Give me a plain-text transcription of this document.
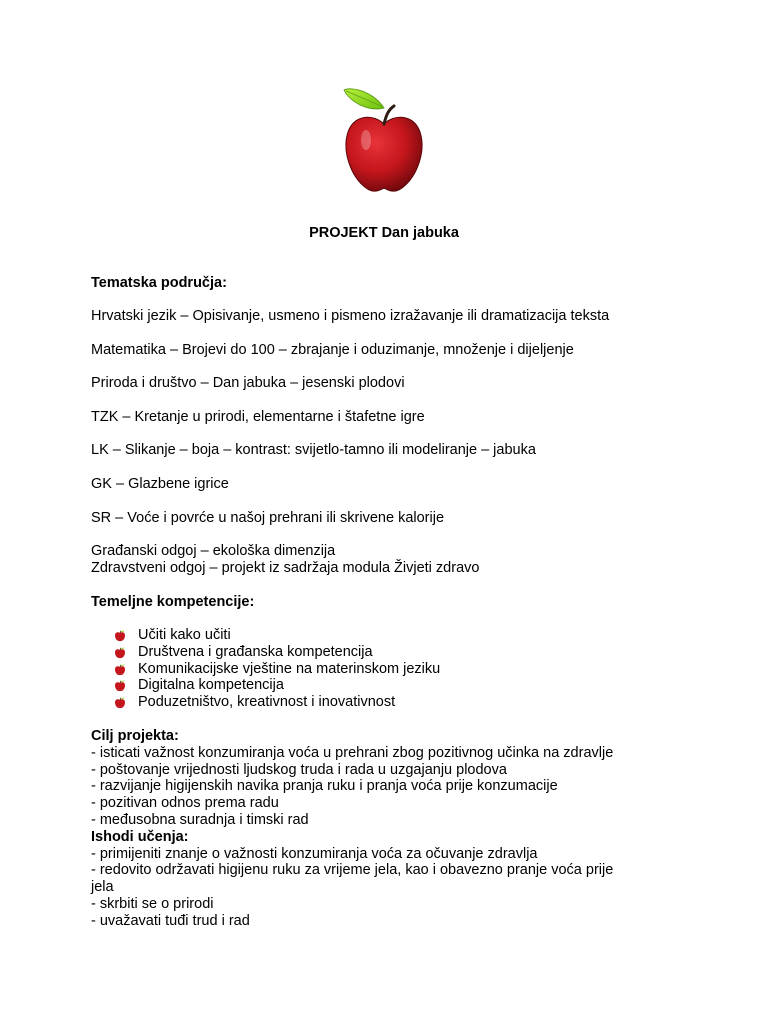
PROJEKT Dan jabuka
Tematska područja:
Hrvatski jezik – Opisivanje, usmeno i pismeno izražavanje ili dramatizacija teksta
Matematika – Brojevi do 100 – zbrajanje i oduzimanje, množenje i dijeljenje
Priroda i društvo – Dan jabuka – jesenski plodovi
TZK – Kretanje u prirodi, elementarne i štafetne igre
LK – Slikanje – boja – kontrast: svijetlo-tamno ili modeliranje – jabuka
GK – Glazbene igrice
SR – Voće i povrće u našoj prehrani ili skrivene kalorije
Građanski odgoj – ekološka dimenzija
Zdravstveni odgoj – projekt iz sadržaja modula Živjeti zdravo
Temeljne kompetencije:
Učiti kako učiti
Društvena i građanska kompetencija
Komunikacijske vještine na materinskom jeziku
Digitalna kompetencija
Poduzetništvo, kreativnost i inovativnost
Cilj projekta:
- isticati važnost konzumiranja voća u prehrani zbog pozitivnog učinka na zdravlje
- poštovanje vrijednosti ljudskog truda i rada u uzgajanju plodova
- razvijanje higijenskih navika pranja ruku i pranja voća prije konzumacije
- pozitivan odnos prema radu
- međusobna suradnja i timski rad
Ishodi učenja:
- primijeniti znanje o važnosti konzumiranja voća za očuvanje zdravlja
- redovito održavati higijenu ruku za vrijeme jela, kao i obavezno pranje voća prije
jela
- skrbiti se o prirodi
- uvažavati tuđi trud i rad
